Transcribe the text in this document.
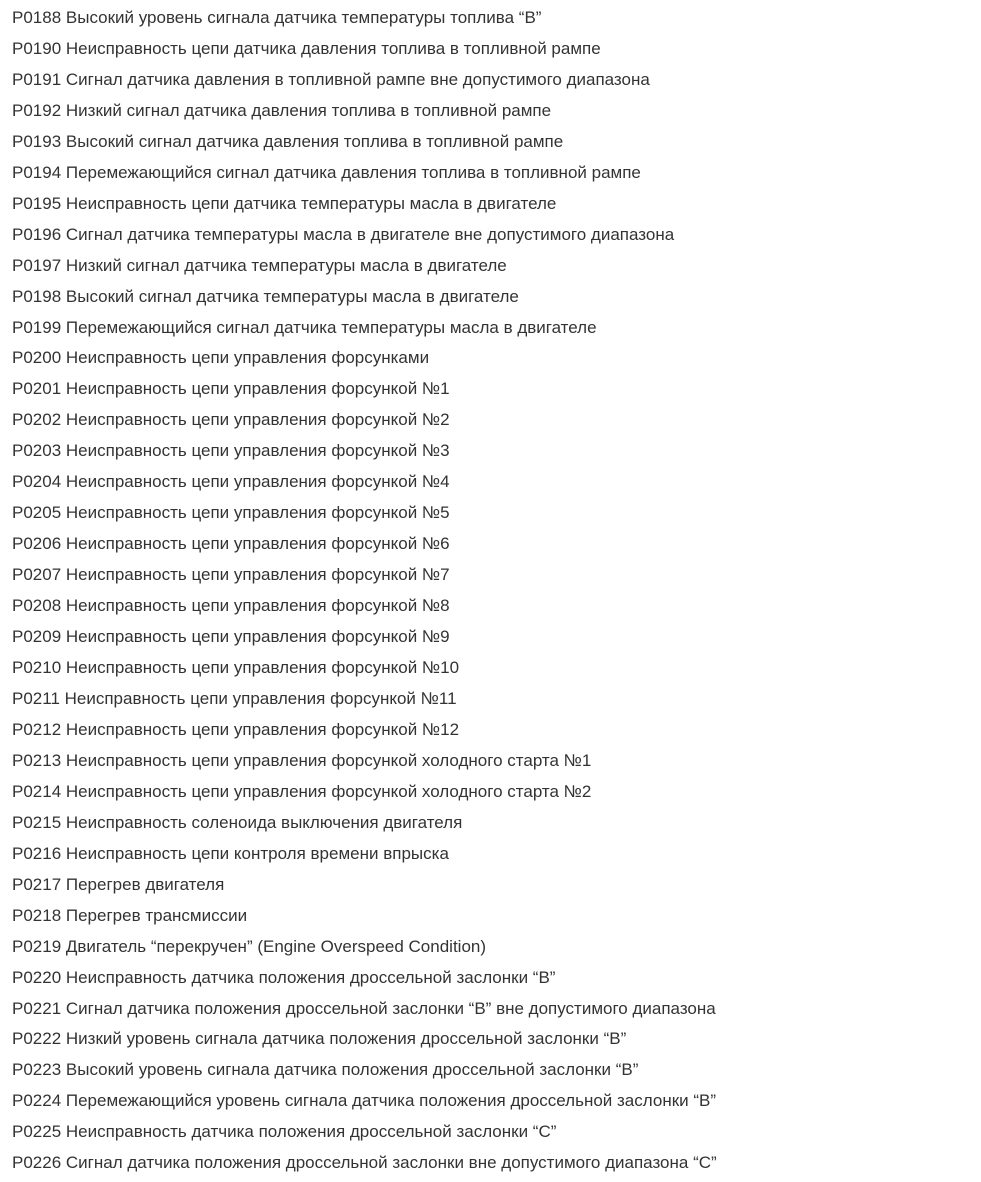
P0188 Высокий уровень сигнала датчика температуры топлива “В”
P0190 Неисправность цепи датчика давления топлива в топливной рампе
P0191 Сигнал датчика давления в топливной рампе вне допустимого диапазона
P0192 Низкий сигнал датчика давления топлива в топливной рампе
P0193 Высокий сигнал датчика давления топлива в топливной рампе
P0194 Перемежающийся сигнал датчика давления топлива в топливной рампе
P0195 Неисправность цепи датчика температуры масла в двигателе
P0196 Сигнал датчика температуры масла в двигателе вне допустимого диапазона
P0197 Низкий сигнал датчика температуры масла в двигателе
P0198 Высокий сигнал датчика температуры масла в двигателе
P0199 Перемежающийся сигнал датчика температуры масла в двигателе
P0200 Неисправность цепи управления форсунками
P0201 Неисправность цепи управления форсункой №1
P0202 Неисправность цепи управления форсункой №2
P0203 Неисправность цепи управления форсункой №3
P0204 Неисправность цепи управления форсункой №4
P0205 Неисправность цепи управления форсункой №5
P0206 Неисправность цепи управления форсункой №6
P0207 Неисправность цепи управления форсункой №7
P0208 Неисправность цепи управления форсункой №8
P0209 Неисправность цепи управления форсункой №9
P0210 Неисправность цепи управления форсункой №10
P0211 Неисправность цепи управления форсункой №11
P0212 Неисправность цепи управления форсункой №12
P0213 Неисправность цепи управления форсункой холодного старта №1
P0214 Неисправность цепи управления форсункой холодного старта №2
P0215 Неисправность соленоида выключения двигателя
P0216 Неисправность цепи контроля времени впрыска
P0217 Перегрев двигателя
P0218 Перегрев трансмиссии
P0219 Двигатель “перекручен” (Engine Overspeed Condition)
P0220 Неисправность датчика положения дроссельной заслонки “В”
P0221 Сигнал датчика положения дроссельной заслонки “В” вне допустимого диапазона
P0222 Низкий уровень сигнала датчика положения дроссельной заслонки “В”
P0223 Высокий уровень сигнала датчика положения дроссельной заслонки “В”
P0224 Перемежающийся уровень сигнала датчика положения дроссельной заслонки “В”
P0225 Неисправность датчика положения дроссельной заслонки “С”
P0226 Сигнал датчика положения дроссельной заслонки вне допустимого диапазона “С”
